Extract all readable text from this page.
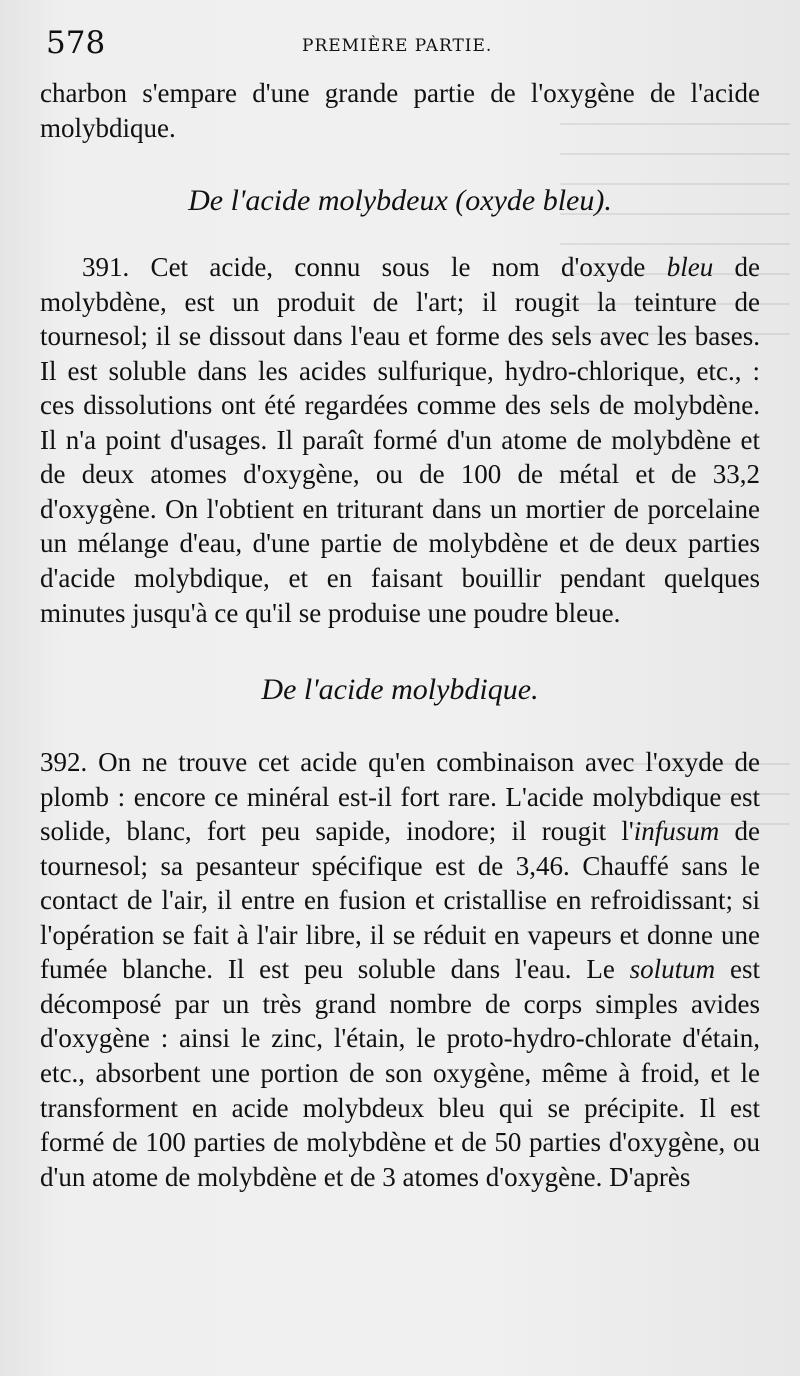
578	PREMIÈRE PARTIE.

charbon s'empare d'une grande partie de l'oxygène de l'acide molybdique.

De l'acide molybdeux (oxyde bleu).

391. Cet acide, connu sous le nom d'oxyde bleu de molybdène, est un produit de l'art; il rougit la teinture de tournesol; il se dissout dans l'eau et forme des sels avec les bases. Il est soluble dans les acides sulfurique, hydro-chlorique, etc., : ces dissolutions ont été regardées comme des sels de molybdène. Il n'a point d'usages. Il paraît formé d'un atome de molybdène et de deux atomes d'oxygène, ou de 100 de métal et de 33,2 d'oxygène. On l'obtient en triturant dans un mortier de porcelaine un mélange d'eau, d'une partie de molybdène et de deux parties d'acide molybdique, et en faisant bouillir pendant quelques minutes jusqu'à ce qu'il se produise une poudre bleue.

De l'acide molybdique.

392. On ne trouve cet acide qu'en combinaison avec l'oxyde de plomb : encore ce minéral est-il fort rare. L'acide molybdique est solide, blanc, fort peu sapide, inodore; il rougit l'infusum de tournesol; sa pesanteur spécifique est de 3,46. Chauffé sans le contact de l'air, il entre en fusion et cristallise en refroidissant; si l'opération se fait à l'air libre, il se réduit en vapeurs et donne une fumée blanche. Il est peu soluble dans l'eau. Le solutum est décomposé par un très grand nombre de corps simples avides d'oxygène : ainsi le zinc, l'étain, le proto-hydro-chlorate d'étain, etc., absorbent une portion de son oxygène, même à froid, et le transforment en acide molybdeux bleu qui se précipite. Il est formé de 100 parties de molybdène et de 50 parties d'oxygène, ou d'un atome de molybdène et de 3 atomes d'oxygène. D'après
